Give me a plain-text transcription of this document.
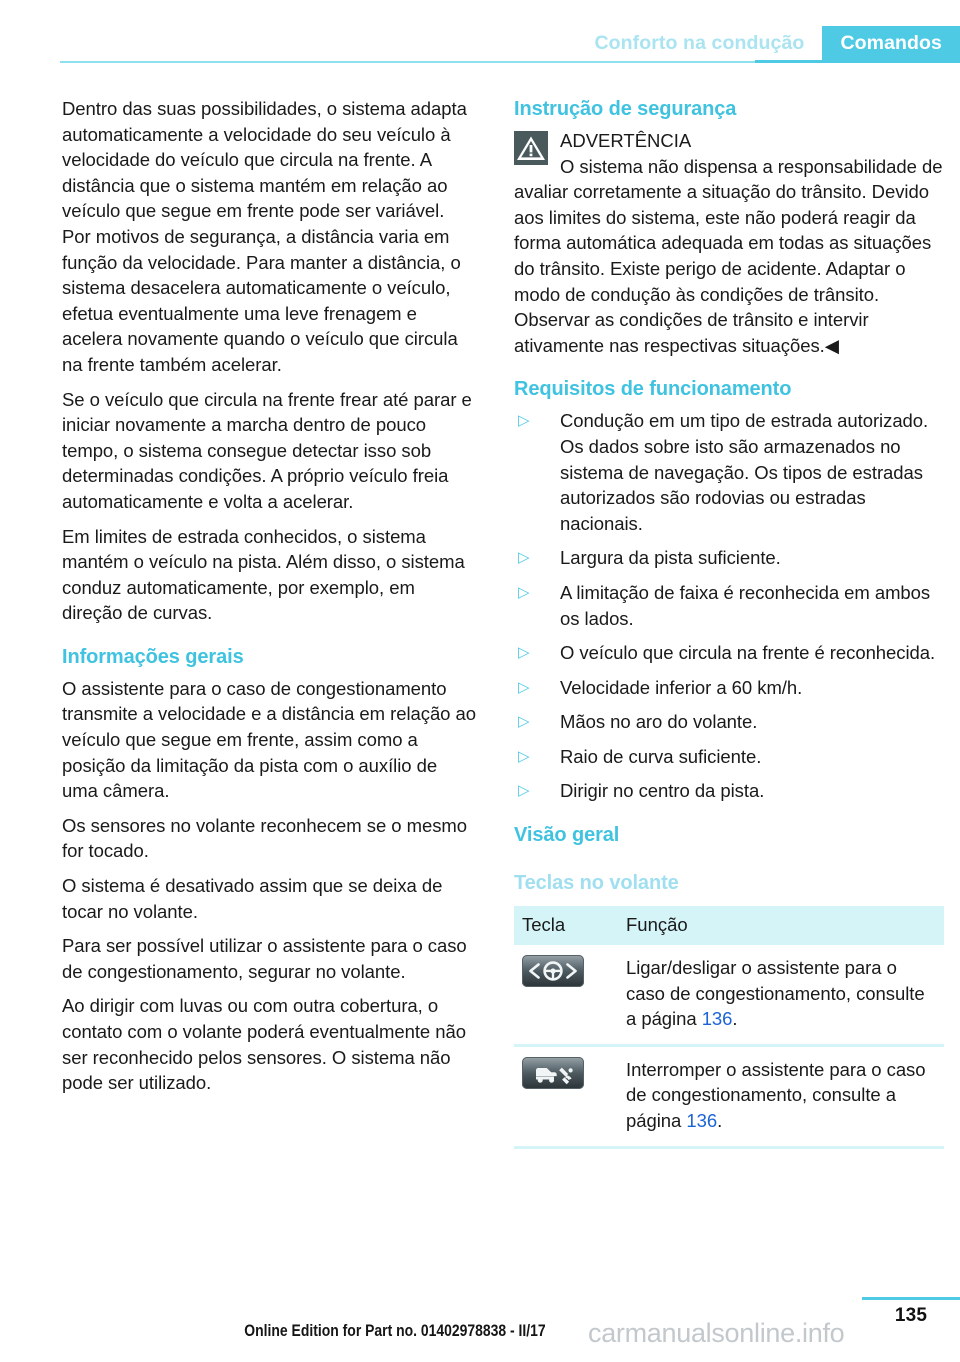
Conforto na condução	Comandos

Dentro das suas possibilidades, o sistema adapta automaticamente a velocidade do seu veículo à velocidade do veículo que circula na frente. A distância que o sistema mantém em relação ao veículo que segue em frente pode ser variável. Por motivos de segurança, a distância varia em função da velocidade. Para manter a distância, o sistema desacelera automaticamente o veículo, efetua eventualmente uma leve frenagem e acelera novamente quando o veículo que circula na frente também acelerar.

Se o veículo que circula na frente frear até parar e iniciar novamente a marcha dentro de pouco tempo, o sistema consegue detectar isso sob determinadas condições. A próprio veículo freia automaticamente e volta a acelerar.

Em limites de estrada conhecidos, o sistema mantém o veículo na pista. Além disso, o sistema conduz automaticamente, por exemplo, em direção de curvas.

Informações gerais

O assistente para o caso de congestionamento transmite a velocidade e a distância em relação ao veículo que segue em frente, assim como a posição da limitação da pista com o auxílio de uma câmera.

Os sensores no volante reconhecem se o mesmo for tocado.

O sistema é desativado assim que se deixa de tocar no volante.

Para ser possível utilizar o assistente para o caso de congestionamento, segurar no volante.

Ao dirigir com luvas ou com outra cobertura, o contato com o volante poderá eventualmente não ser reconhecido pelos sensores. O sistema não pode ser utilizado.

Instrução de segurança

ADVERTÊNCIA

O sistema não dispensa a responsabilidade de avaliar corretamente a situação do trânsito. Devido aos limites do sistema, este não poderá reagir da forma automática adequada em todas as situações do trânsito. Existe perigo de acidente. Adaptar o modo de condução às condições de trânsito. Observar as condições de trânsito e intervir ativamente nas respectivas situações.◀

Requisitos de funcionamento
▷ Condução em um tipo de estrada autorizado. Os dados sobre isto são armazenados no sistema de navegação. Os tipos de estradas autorizados são rodovias ou estradas nacionais.
▷ Largura da pista suficiente.
▷ A limitação de faixa é reconhecida em ambos os lados.
▷ O veículo que circula na frente é reconhecida.
▷ Velocidade inferior a 60 km/h.
▷ Mãos no aro do volante.
▷ Raio de curva suficiente.
▷ Dirigir no centro da pista.
Visão geral
Teclas no volante
Tecla	Função

	Ligar/desligar o assistente para o caso de congestionamento, consulte a página 136.

	Interromper o assistente para o caso de congestionamento, consulte a página 136.
135
Online Edition for Part no. 01402978838 - II/17	carmanualsonline.info
